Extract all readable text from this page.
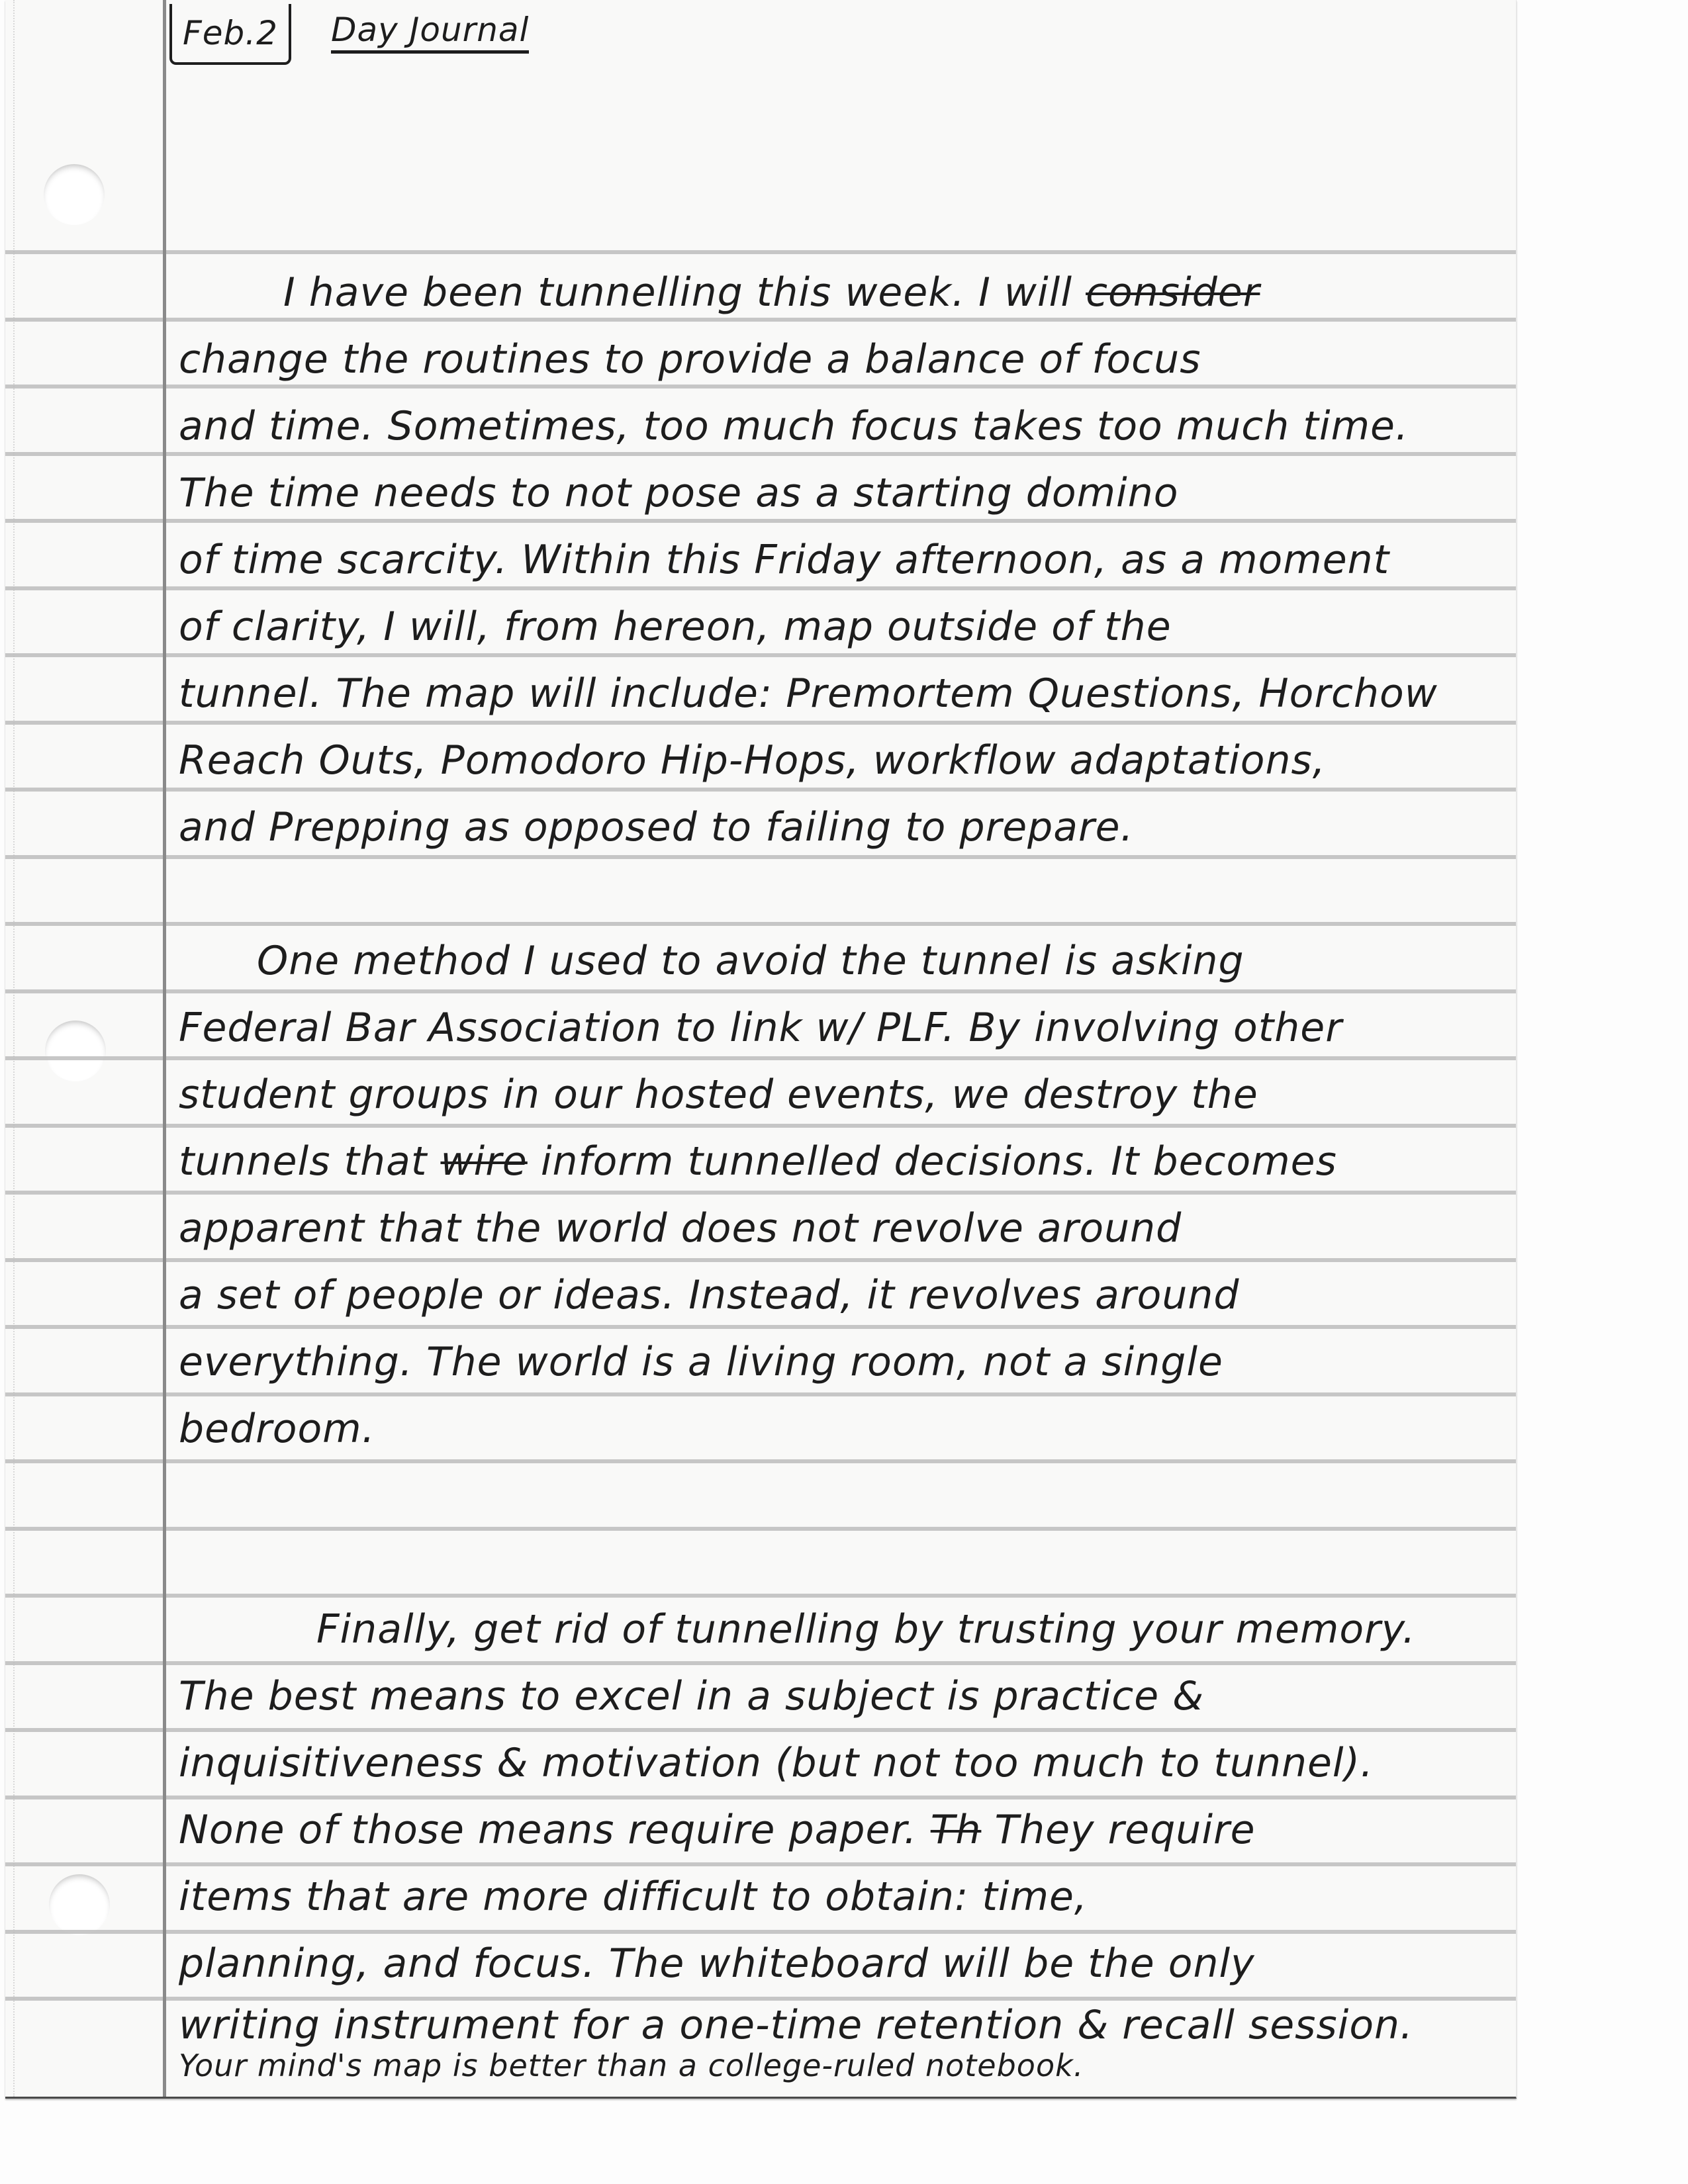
Feb.2 Day Journal
I have been tunnelling this week. I will consider
change the routines to provide a balance of focus
and time. Sometimes, too much focus takes too much time.
The time needs to not pose as a starting domino
of time scarcity. Within this Friday afternoon, as a moment
of clarity, I will, from hereon, map outside of the
tunnel. The map will include: Premortem Questions, Horchow
Reach Outs, Pomodoro Hip-Hops, workflow adaptations,
and Prepping as opposed to failing to prepare.
One method I used to avoid the tunnel is asking
Federal Bar Association to link w/ PLF. By involving other
student groups in our hosted events, we destroy the
tunnels that wire inform tunnelled decisions. It becomes
apparent that the world does not revolve around
a set of people or ideas. Instead, it revolves around
everything. The world is a living room, not a single
bedroom.
Finally, get rid of tunnelling by trusting your memory.
The best means to excel in a subject is practice &
inquisitiveness & motivation (but not too much to tunnel).
None of those means require paper. Th They require
items that are more difficult to obtain: time,
planning, and focus. The whiteboard will be the only
writing instrument for a one-time retention & recall session.
Your mind's map is better than a college-ruled notebook.
